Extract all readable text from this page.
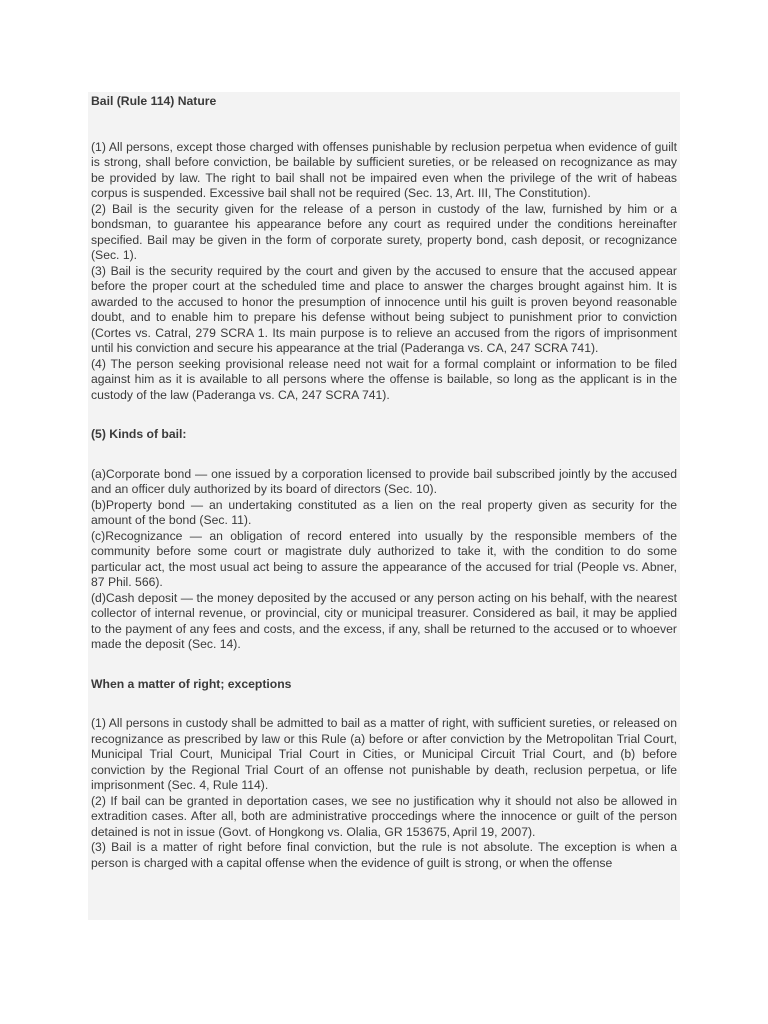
Bail (Rule 114) Nature

(1) All persons, except those charged with offenses punishable by reclusion perpetua when evidence of guilt is strong, shall before conviction, be bailable by sufficient sureties, or be released on recognizance as may be provided by law. The right to bail shall not be impaired even when the privilege of the writ of habeas corpus is suspended. Excessive bail shall not be required (Sec. 13, Art. III, The Constitution).

(2) Bail is the security given for the release of a person in custody of the law, furnished by him or a bondsman, to guarantee his appearance before any court as required under the conditions hereinafter specified. Bail may be given in the form of corporate surety, property bond, cash deposit, or recognizance (Sec. 1).

(3) Bail is the security required by the court and given by the accused to ensure that the accused appear before the proper court at the scheduled time and place to answer the charges brought against him. It is awarded to the accused to honor the presumption of innocence until his guilt is proven beyond reasonable doubt, and to enable him to prepare his defense without being subject to punishment prior to conviction (Cortes vs. Catral, 279 SCRA 1. Its main purpose is to relieve an accused from the rigors of imprisonment until his conviction and secure his appearance at the trial (Paderanga vs. CA, 247 SCRA 741).

(4) The person seeking provisional release need not wait for a formal complaint or information to be filed against him as it is available to all persons where the offense is bailable, so long as the applicant is in the custody of the law (Paderanga vs. CA, 247 SCRA 741).

(5) Kinds of bail:

(a)Corporate bond — one issued by a corporation licensed to provide bail subscribed jointly by the accused and an officer duly authorized by its board of directors (Sec. 10).

(b)Property bond — an undertaking constituted as a lien on the real property given as security for the amount of the bond (Sec. 11).

(c)Recognizance — an obligation of record entered into usually by the responsible members of the community before some court or magistrate duly authorized to take it, with the condition to do some particular act, the most usual act being to assure the appearance of the accused for trial (People vs. Abner, 87 Phil. 566).

(d)Cash deposit — the money deposited by the accused or any person acting on his behalf, with the nearest collector of internal revenue, or provincial, city or municipal treasurer. Considered as bail, it may be applied to the payment of any fees and costs, and the excess, if any, shall be returned to the accused or to whoever made the deposit (Sec. 14).

When a matter of right; exceptions

(1) All persons in custody shall be admitted to bail as a matter of right, with sufficient sureties, or released on recognizance as prescribed by law or this Rule (a) before or after conviction by the Metropolitan Trial Court, Municipal Trial Court, Municipal Trial Court in Cities, or Municipal Circuit Trial Court, and (b) before conviction by the Regional Trial Court of an offense not punishable by death, reclusion perpetua, or life imprisonment (Sec. 4, Rule 114).

(2) If bail can be granted in deportation cases, we see no justification why it should not also be allowed in extradition cases. After all, both are administrative proccedings where the innocence or guilt of the person detained is not in issue (Govt. of Hongkong vs. Olalia, GR 153675, April 19, 2007).

(3) Bail is a matter of right before final conviction, but the rule is not absolute. The exception is when a person is charged with a capital offense when the evidence of guilt is strong, or when the offense
